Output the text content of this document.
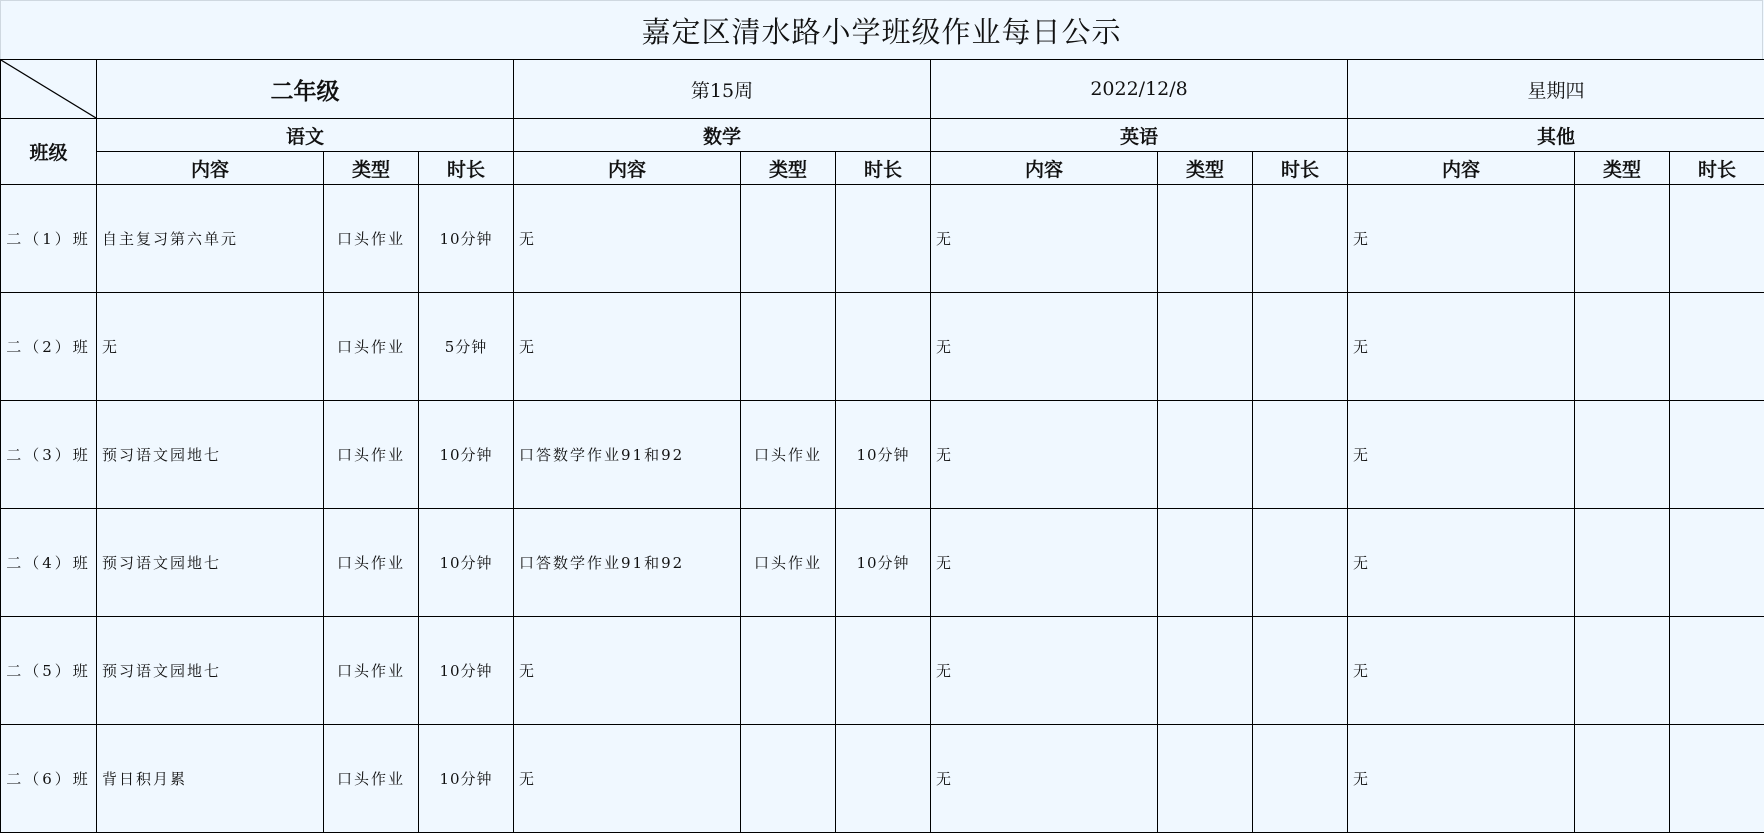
嘉定区清水路小学班级作业每日公示
	二年级			第15周			2022/12/8			星期四		
班级	语文			数学			英语			其他		
	内容	类型	时长	内容	类型	时长	内容	类型	时长	内容	类型	时长
二（1）班	自主复习第六单元	口头作业	10分钟	无			无			无		
二（2）班	无	口头作业	5分钟	无			无			无		
二（3）班	预习语文园地七	口头作业	10分钟	口答数学作业91和92	口头作业	10分钟	无			无		
二（4）班	预习语文园地七	口头作业	10分钟	口答数学作业91和92	口头作业	10分钟	无			无		
二（5）班	预习语文园地七	口头作业	10分钟	无			无			无		
二（6）班	背日积月累	口头作业	10分钟	无			无			无		
